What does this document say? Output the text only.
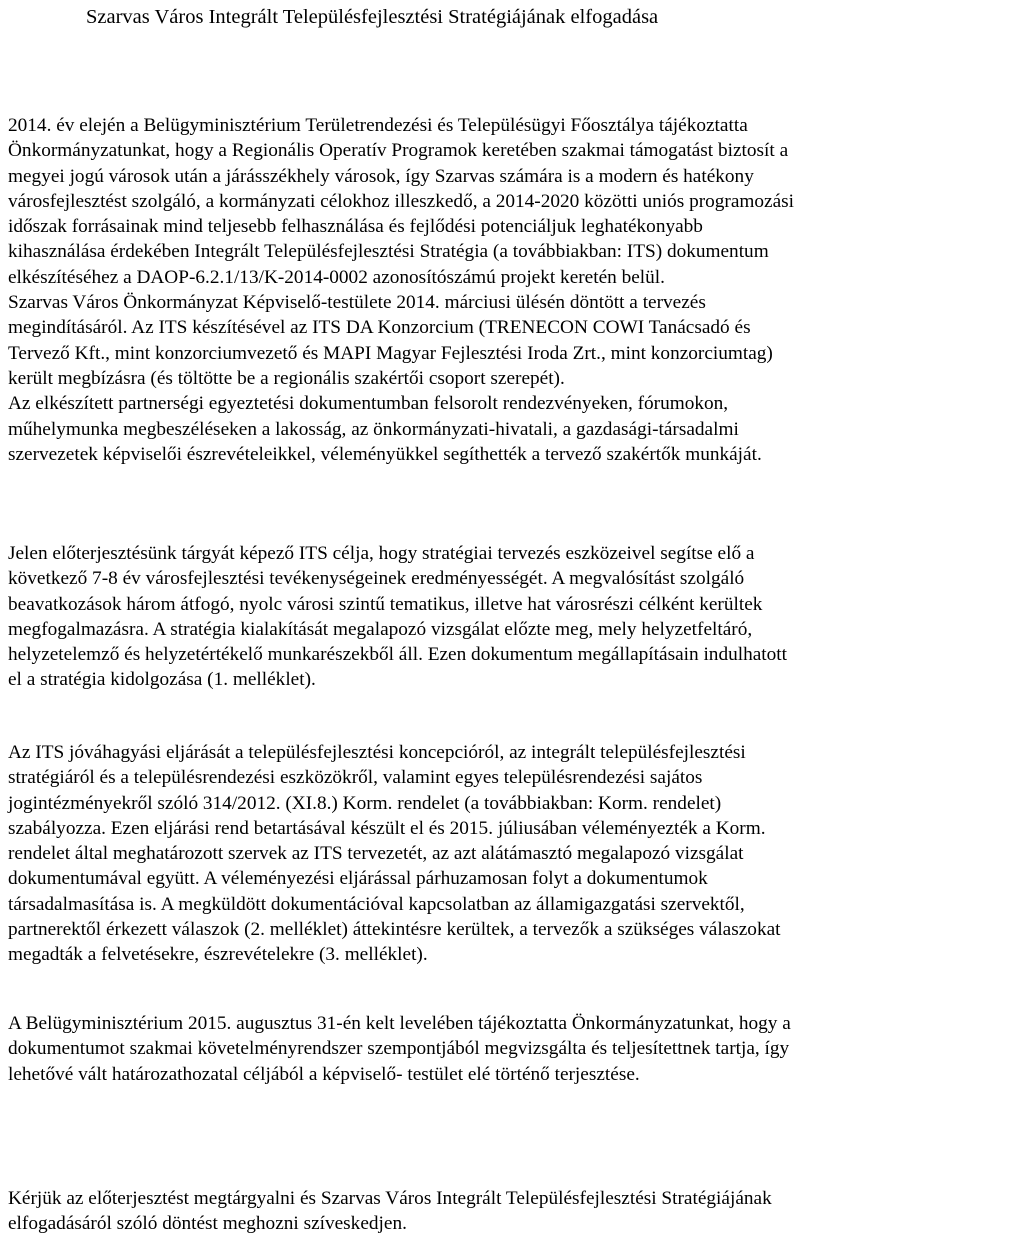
Szarvas Város Integrált Településfejlesztési Stratégiájának elfogadása

2014. év elején a Belügyminisztérium Területrendezési és Településügyi Főosztálya tájékoztatta
Önkormányzatunkat, hogy a Regionális Operatív Programok keretében szakmai támogatást biztosít a
megyei jogú városok után a járásszékhely városok, így Szarvas számára is a modern és hatékony
városfejlesztést szolgáló, a kormányzati célokhoz illeszkedő, a 2014-2020 közötti uniós programozási
időszak forrásainak mind teljesebb felhasználása és fejlődési potenciáljuk leghatékonyabb
kihasználása érdekében Integrált Településfejlesztési Stratégia (a továbbiakban: ITS) dokumentum
elkészítéséhez a DAOP-6.2.1/13/K-2014-0002 azonosítószámú projekt keretén belül.
Szarvas Város Önkormányzat Képviselő-testülete 2014. márciusi ülésén döntött a tervezés
megindításáról. Az ITS készítésével az ITS DA Konzorcium (TRENECON COWI Tanácsadó és
Tervező Kft., mint konzorciumvezető és MAPI Magyar Fejlesztési Iroda Zrt., mint konzorciumtag)
került megbízásra (és töltötte be a regionális szakértői csoport szerepét).
Az elkészített partnerségi egyeztetési dokumentumban felsorolt rendezvényeken, fórumokon,
műhelymunka megbeszéléseken a lakosság, az önkormányzati-hivatali, a gazdasági-társadalmi
szervezetek képviselői észrevételeikkel, véleményükkel segíthették a tervező szakértők munkáját.

Jelen előterjesztésünk tárgyát képező ITS célja, hogy stratégiai tervezés eszközeivel segítse elő a
következő 7-8 év városfejlesztési tevékenységeinek eredményességét. A megvalósítást szolgáló
beavatkozások három átfogó, nyolc városi szintű tematikus, illetve hat városrészi célként kerültek
megfogalmazásra. A stratégia kialakítását megalapozó vizsgálat előzte meg, mely helyzetfeltáró,
helyzetelemző és helyzetértékelő munkarészekből áll. Ezen dokumentum megállapításain indulhatott
el a stratégia kidolgozása (1. melléklet).

Az ITS jóváhagyási eljárását a településfejlesztési koncepcióról, az integrált településfejlesztési
stratégiáról és a településrendezési eszközökről, valamint egyes településrendezési sajátos
jogintézményekről szóló 314/2012. (XI.8.) Korm. rendelet (a továbbiakban: Korm. rendelet)
szabályozza. Ezen eljárási rend betartásával készült el és 2015. júliusában véleményezték a Korm.
rendelet által meghatározott szervek az ITS tervezetét, az azt alátámasztó megalapozó vizsgálat
dokumentumával együtt. A véleményezési eljárással párhuzamosan folyt a dokumentumok
társadalmasítása is. A megküldött dokumentációval kapcsolatban az államigazgatási szervektől,
partnerektől érkezett válaszok (2. melléklet) áttekintésre kerültek, a tervezők a szükséges válaszokat
megadták a felvetésekre, észrevételekre (3. melléklet).

A Belügyminisztérium 2015. augusztus 31-én kelt levelében tájékoztatta Önkormányzatunkat, hogy a
dokumentumot szakmai követelményrendszer szempontjából megvizsgálta és teljesítettnek tartja, így
lehetővé vált határozathozatal céljából a képviselő- testület elé történő terjesztése.

Kérjük az előterjesztést megtárgyalni és Szarvas Város Integrált Településfejlesztési Stratégiájának
elfogadásáról szóló döntést meghozni szíveskedjen.
